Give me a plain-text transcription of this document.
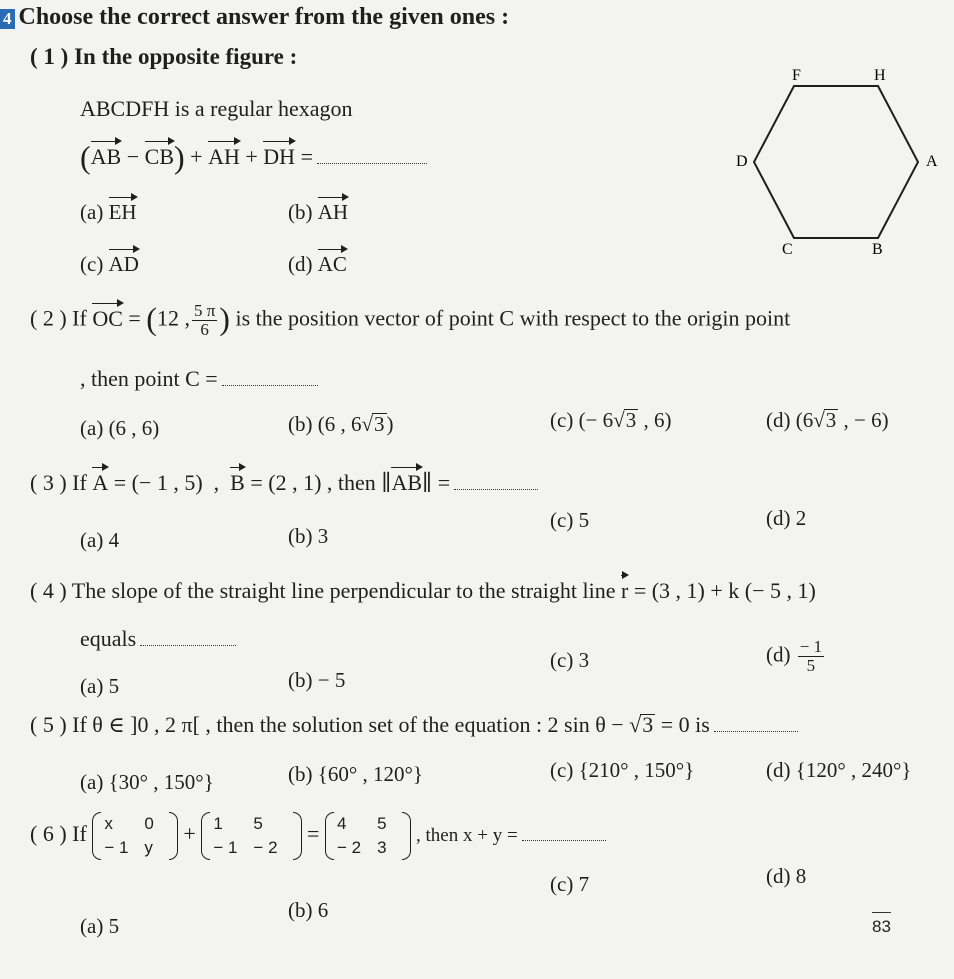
4 Choose the correct answer from the given ones :
( 1 ) In the opposite figure :
ABCDFH is a regular hexagon
(AB − CB) + AH + DH =
(a) EH	(b) AH
(c) AD	(d) AC
F	H
D	A
C	B
( 2 ) If OC = (12 , $\frac{5 \pi}{6}$ ) is the position vector of point C with respect to the origin point
, then point C =
(a) (6 , 6)	(b) (6 , 6√3)	(c) (− 6√3 , 6)	(d) (6√3 , − 6)
( 3 ) If A = (− 1 , 5)  ,  B = (2 , 1) , then ∥AB∥ =
(a) 4	(b) 3
(c) 5	(d) 2
( 4 ) The slope of the straight line perpendicular to the straight line r = (3 , 1) + k (− 5 , 1)
equals
(a) 5	(b) − 5
(c) 3	$(d) \frac{- 1}{5}$
( 5 ) If θ ∈ ]0 , 2 π[ , then the solution set of the equation : 2 sin θ − √3 = 0 is
(a) {30° , 150°}	(b) {60° , 120°}	(c) {210° , 150°}	(d) {120° , 240°}
( 6 ) If x	0
− 1	y
+ 1	5
− 1	− 2
= 4	5
− 2	3
, then x + y =
(a) 5
(b) 6
(c) 7	(d) 8
83
